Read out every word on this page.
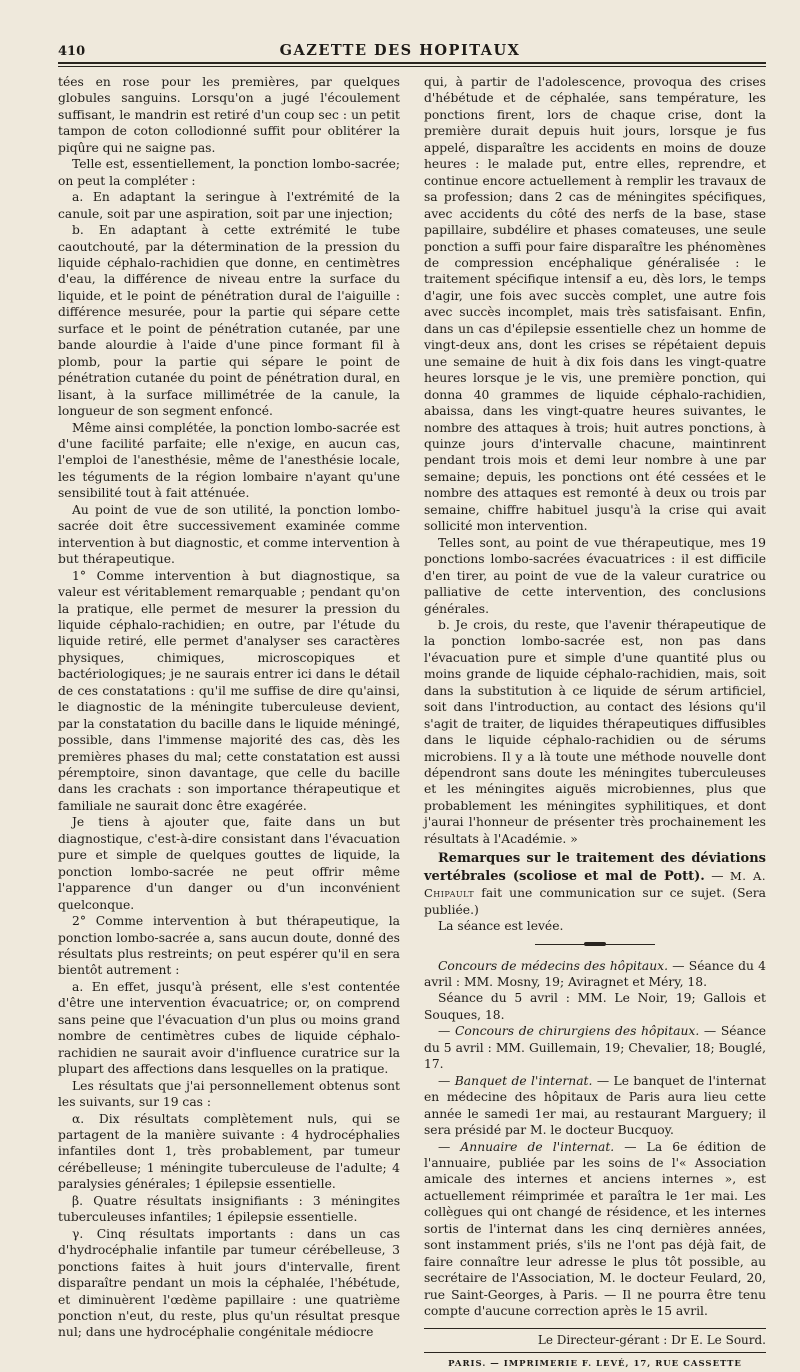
410	GAZETTE DES HOPITAUX

tées en rose pour les premières, par quelques globules sanguins. Lorsqu'on a jugé l'écoulement suffisant, le mandrin est retiré d'un coup sec : un petit tampon de coton collodionné suffit pour oblitérer la piqûre qui ne saigne pas.

Telle est, essentiellement, la ponction lombo-sacrée; on peut la compléter :

a. En adaptant la seringue à l'extrémité de la canule, soit par une aspiration, soit par une injection;

b. En adaptant à cette extrémité le tube caoutchouté, par la détermination de la pression du liquide céphalo-rachidien que donne, en centimètres d'eau, la différence de niveau entre la surface du liquide, et le point de pénétration dural de l'aiguille : différence mesurée, pour la partie qui sépare cette surface et le point de pénétration cutanée, par une bande alourdie à l'aide d'une pince formant fil à plomb, pour la partie qui sépare le point de pénétration cutanée du point de pénétration dural, en lisant, à la surface millimétrée de la canule, la longueur de son segment enfoncé.

Même ainsi complétée, la ponction lombo-sacrée est d'une facilité parfaite; elle n'exige, en aucun cas, l'emploi de l'anesthésie, même de l'anesthésie locale, les téguments de la région lombaire n'ayant qu'une sensibilité tout à fait atténuée.

Au point de vue de son utilité, la ponction lombo-sacrée doit être successivement examinée comme intervention à but diagnostic, et comme intervention à but thérapeutique.

1° Comme intervention à but diagnostique, sa valeur est véritablement remarquable ; pendant qu'on la pratique, elle permet de mesurer la pression du liquide céphalo-rachidien; en outre, par l'étude du liquide retiré, elle permet d'analyser ses caractères physiques, chimiques, microscopiques et bactériologiques; je ne saurais entrer ici dans le détail de ces constatations : qu'il me suffise de dire qu'ainsi, le diagnostic de la méningite tuberculeuse devient, par la constatation du bacille dans le liquide méningé, possible, dans l'immense majorité des cas, dès les premières phases du mal; cette constatation est aussi péremptoire, sinon davantage, que celle du bacille dans les crachats : son importance thérapeutique et familiale ne saurait donc être exagérée.

Je tiens à ajouter que, faite dans un but diagnostique, c'est-à-dire consistant dans l'évacuation pure et simple de quelques gouttes de liquide, la ponction lombo-sacrée ne peut offrir même l'apparence d'un danger ou d'un inconvénient quelconque.

2° Comme intervention à but thérapeutique, la ponction lombo-sacrée a, sans aucun doute, donné des résultats plus restreints; on peut espérer qu'il en sera bientôt autrement :

a. En effet, jusqu'à présent, elle s'est contentée d'être une intervention évacuatrice; or, on comprend sans peine que l'évacuation d'un plus ou moins grand nombre de centimètres cubes de liquide céphalo-rachidien ne saurait avoir d'influence curatrice sur la plupart des affections dans lesquelles on la pratique.

Les résultats que j'ai personnellement obtenus sont les suivants, sur 19 cas :

α. Dix résultats complètement nuls, qui se partagent de la manière suivante : 4 hydrocéphalies infantiles dont 1, très probablement, par tumeur cérébelleuse; 1 méningite tuberculeuse de l'adulte; 4 paralysies générales; 1 épilepsie essentielle.

β. Quatre résultats insignifiants : 3 méningites tuberculeuses infantiles; 1 épilepsie essentielle.

γ. Cinq résultats importants : dans un cas d'hydrocéphalie infantile par tumeur cérébelleuse, 3 ponctions faites à huit jours d'intervalle, firent disparaître pendant un mois la céphalée, l'hébétude, et diminuèrent l'œdème papillaire : une quatrième ponction n'eut, du reste, plus qu'un résultat presque nul; dans une hydrocéphalie congénitale médiocre

qui, à partir de l'adolescence, provoqua des crises d'hébétude et de céphalée, sans température, les ponctions firent, lors de chaque crise, dont la première durait depuis huit jours, lorsque je fus appelé, disparaître les accidents en moins de douze heures : le malade put, entre elles, reprendre, et continue encore actuellement à remplir les travaux de sa profession; dans 2 cas de méningites spécifiques, avec accidents du côté des nerfs de la base, stase papillaire, subdélire et phases comateuses, une seule ponction a suffi pour faire disparaître les phénomènes de compression encéphalique généralisée : le traitement spécifique intensif a eu, dès lors, le temps d'agir, une fois avec succès complet, une autre fois avec succès incomplet, mais très satisfaisant. Enfin, dans un cas d'épilepsie essentielle chez un homme de vingt-deux ans, dont les crises se répétaient depuis une semaine de huit à dix fois dans les vingt-quatre heures lorsque je le vis, une première ponction, qui donna 40 grammes de liquide céphalo-rachidien, abaissa, dans les vingt-quatre heures suivantes, le nombre des attaques à trois; huit autres ponctions, à quinze jours d'intervalle chacune, maintinrent pendant trois mois et demi leur nombre à une par semaine; depuis, les ponctions ont été cessées et le nombre des attaques est remonté à deux ou trois par semaine, chiffre habituel jusqu'à la crise qui avait sollicité mon intervention.

Telles sont, au point de vue thérapeutique, mes 19 ponctions lombo-sacrées évacuatrices : il est difficile d'en tirer, au point de vue de la valeur curatrice ou palliative de cette intervention, des conclusions générales.

b. Je crois, du reste, que l'avenir thérapeutique de la ponction lombo-sacrée est, non pas dans l'évacuation pure et simple d'une quantité plus ou moins grande de liquide céphalo-rachidien, mais, soit dans la substitution à ce liquide de sérum artificiel, soit dans l'introduction, au contact des lésions qu'il s'agit de traiter, de liquides thérapeutiques diffusibles dans le liquide céphalo-rachidien ou de sérums microbiens. Il y a là toute une méthode nouvelle dont dépendront sans doute les méningites tuberculeuses et les méningites aiguës microbiennes, plus que probablement les méningites syphilitiques, et dont j'aurai l'honneur de présenter très prochainement les résultats à l'Académie. »

Remarques sur le traitement des déviations vertébrales (scoliose et mal de Pott). — M. A. Chipault fait une communication sur ce sujet. (Sera publiée.)

La séance est levée.

Concours de médecins des hôpitaux. — Séance du 4 avril : MM. Mosny, 19; Aviragnet et Méry, 18.

Séance du 5 avril : MM. Le Noir, 19; Gallois et Souques, 18.

— Concours de chirurgiens des hôpitaux. — Séance du 5 avril : MM. Guillemain, 19; Chevalier, 18; Bouglé, 17.

— Banquet de l'internat. — Le banquet de l'internat en médecine des hôpitaux de Paris aura lieu cette année le samedi 1er mai, au restaurant Marguery; il sera présidé par M. le docteur Bucquoy.

— Annuaire de l'internat. — La 6e édition de l'annuaire, publiée par les soins de l'« Association amicale des internes et anciens internes », est actuellement réimprimée et paraîtra le 1er mai. Les collègues qui ont changé de résidence, et les internes sortis de l'internat dans les cinq dernières années, sont instamment priés, s'ils ne l'ont pas déjà fait, de faire connaître leur adresse le plus tôt possible, au secrétaire de l'Association, M. le docteur Feulard, 20, rue Saint-Georges, à Paris. — Il ne pourra être tenu compte d'aucune correction après le 15 avril.

Le Directeur-gérant : Dr E. Le Sourd.
PARIS. — IMPRIMERIE F. LEVÉ, 17, RUE CASSETTE
